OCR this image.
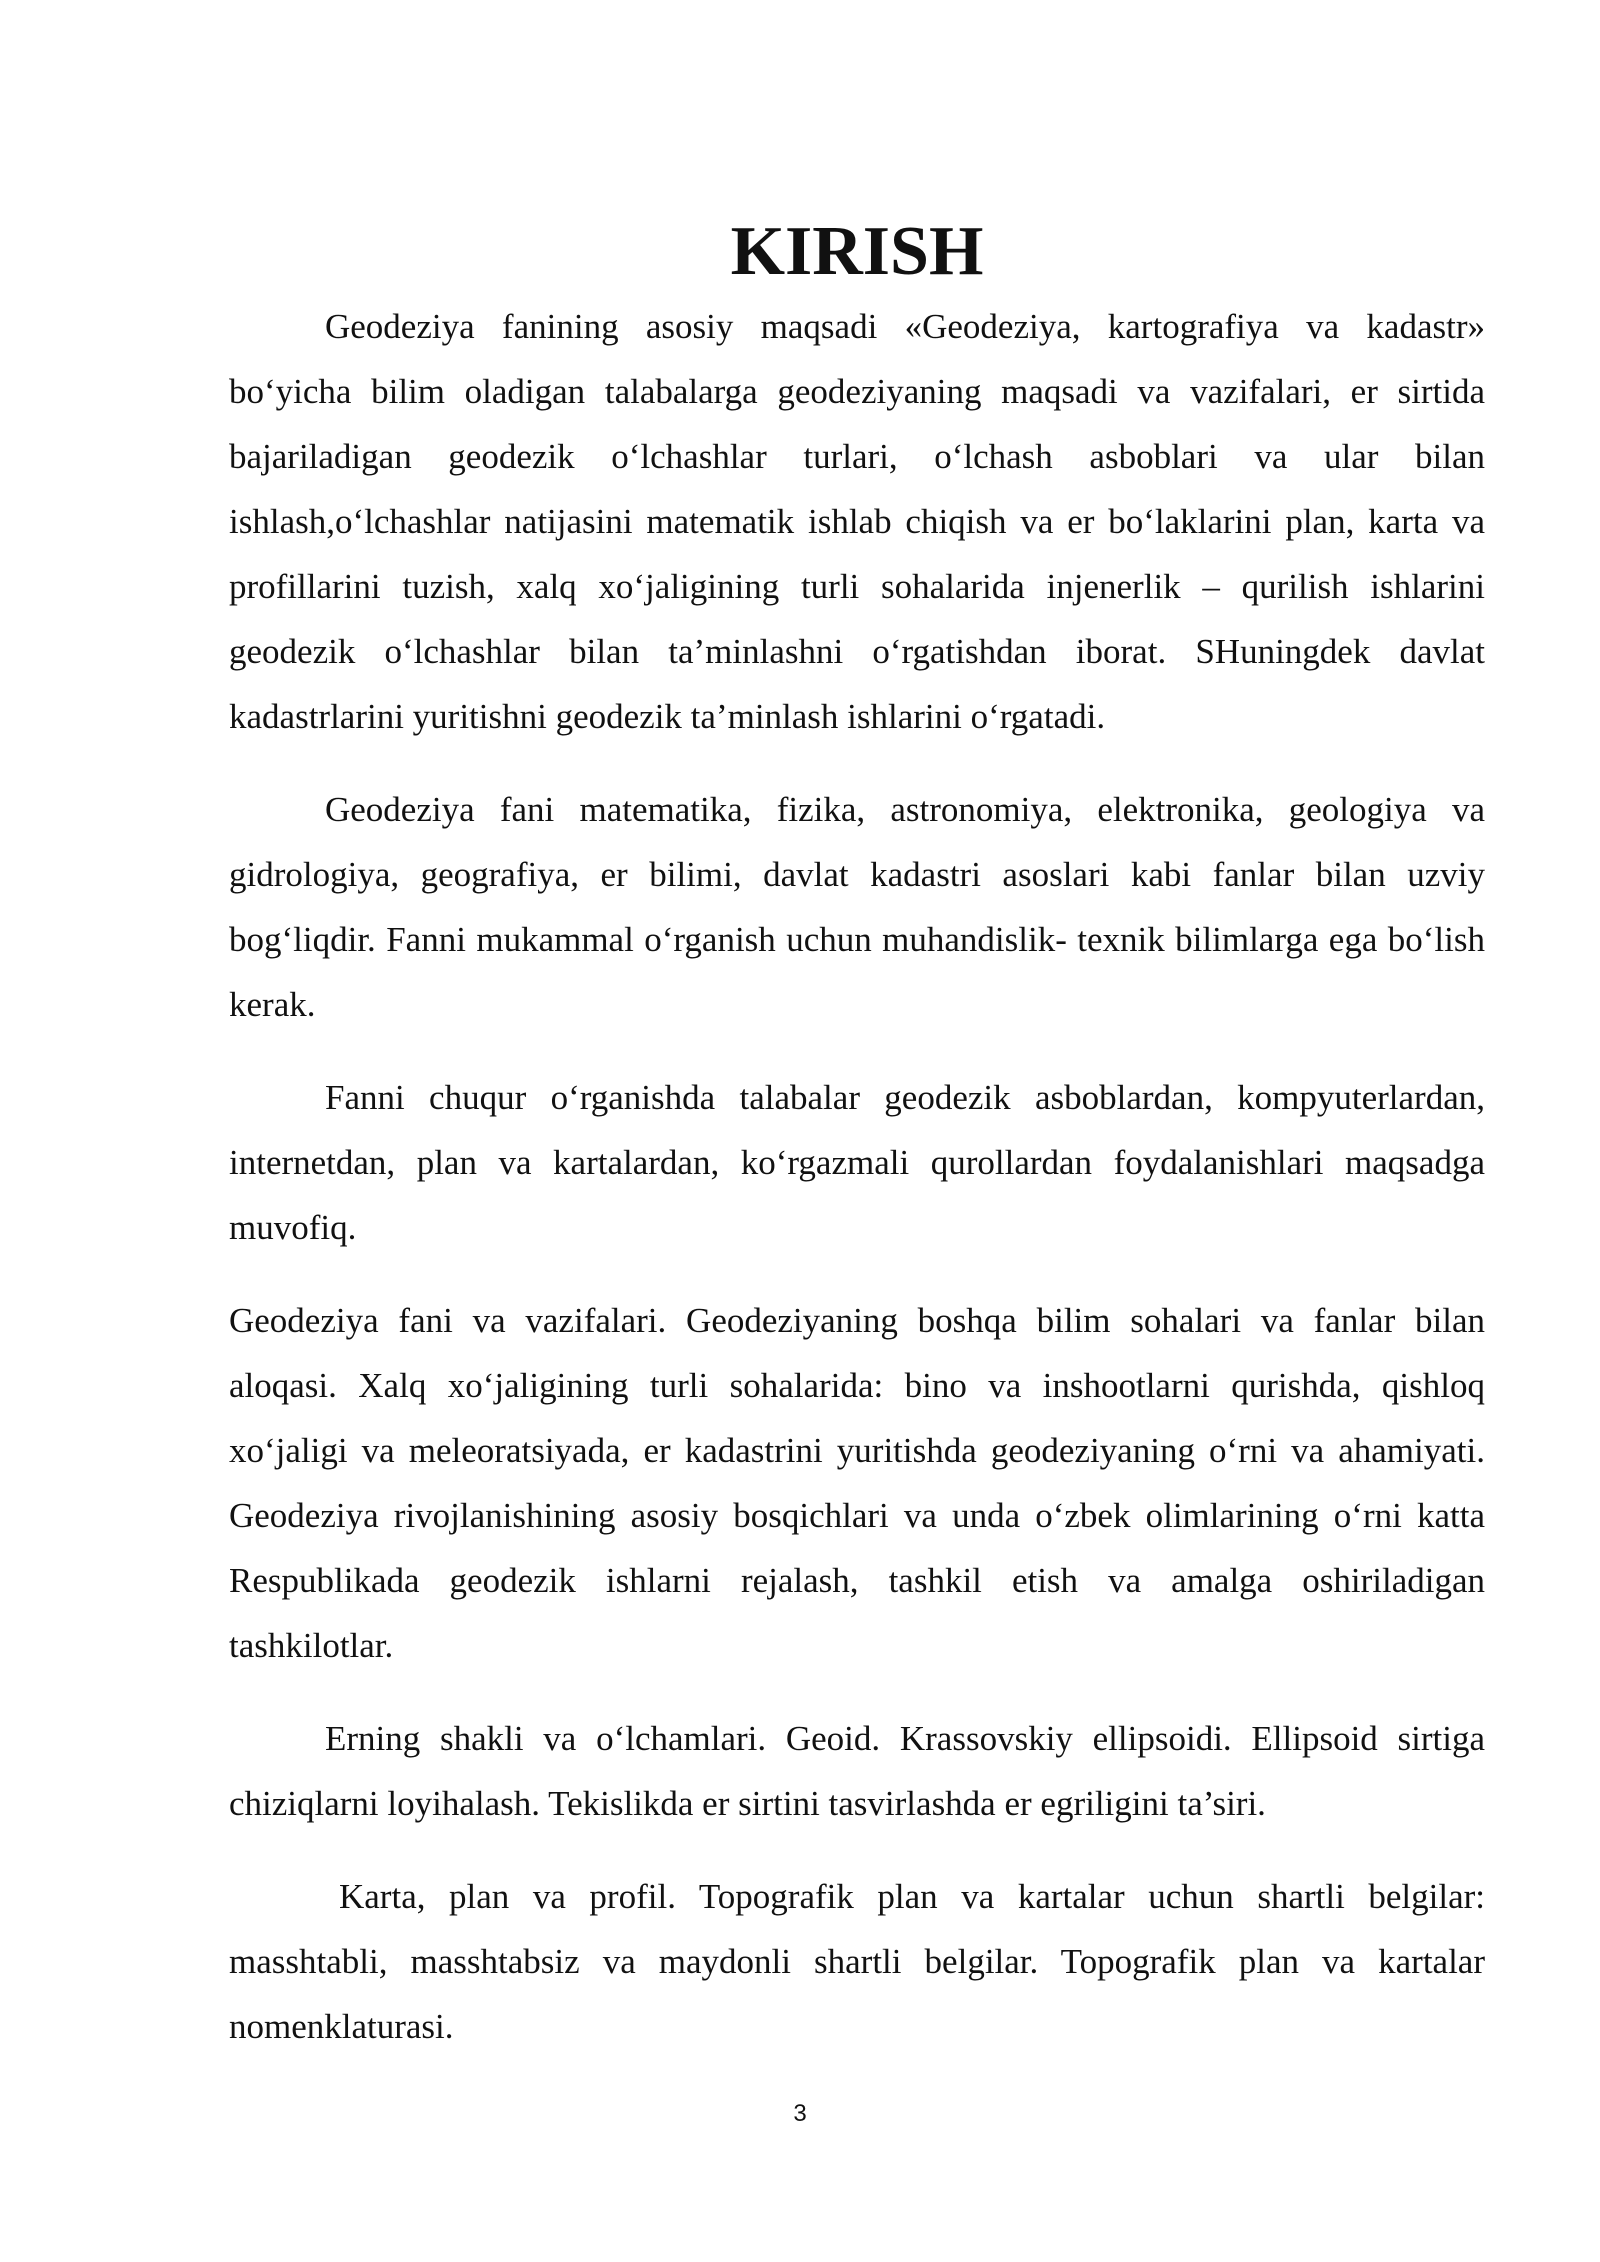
KIRISH

Geodeziya fanining asosiy maqsadi «Geodeziya, kartografiya va kadastr» bo‘yicha bilim oladigan talabalarga geodeziyaning maqsadi va vazifalari, er sirtida bajariladigan geodezik o‘lchashlar turlari, o‘lchash asboblari va ular bilan ishlash,o‘lchashlar natijasini matematik ishlab chiqish va er bo‘laklarini plan, karta va profillarini tuzish, xalq xo‘jaligining turli sohalarida injenerlik – qurilish ishlarini geodezik o‘lchashlar bilan ta’minlashni o‘rgatishdan iborat. SHuningdek davlat kadastrlarini yuritishni geodezik ta’minlash ishlarini o‘rgatadi.

Geodeziya fani matematika, fizika, astronomiya, elektronika, geologiya va gidrologiya, geografiya, er bilimi, davlat kadastri asoslari kabi fanlar bilan uzviy bog‘liqdir. Fanni mukammal o‘rganish uchun muhandislik- texnik bilimlarga ega bo‘lish kerak.

Fanni chuqur o‘rganishda talabalar geodezik asboblardan, kompyuterlardan, internetdan, plan va kartalardan, ko‘rgazmali qurollardan foydalanishlari maqsadga muvofiq.

Geodeziya fani va vazifalari. Geodeziyaning boshqa bilim sohalari va fanlar bilan aloqasi. Xalq xo‘jaligining turli sohalarida: bino va inshootlarni qurishda, qishloq xo‘jaligi va meleoratsiyada, er kadastrini yuritishda geodeziyaning o‘rni va ahamiyati. Geodeziya rivojlanishining asosiy bosqichlari va unda o‘zbek olimlarining o‘rni katta Respublikada geodezik ishlarni rejalash, tashkil etish va amalga oshiriladigan tashkilotlar.

Erning shakli va o‘lchamlari. Geoid. Krassovskiy ellipsoidi. Ellipsoid sirtiga chiziqlarni loyihalash. Tekislikda er sirtini tasvirlashda er egriligini ta’siri.

Karta, plan va profil. Topografik plan va kartalar uchun shartli belgilar: masshtabli, masshtabsiz va maydonli shartli belgilar. Topografik plan va kartalar nomenklaturasi.

3
